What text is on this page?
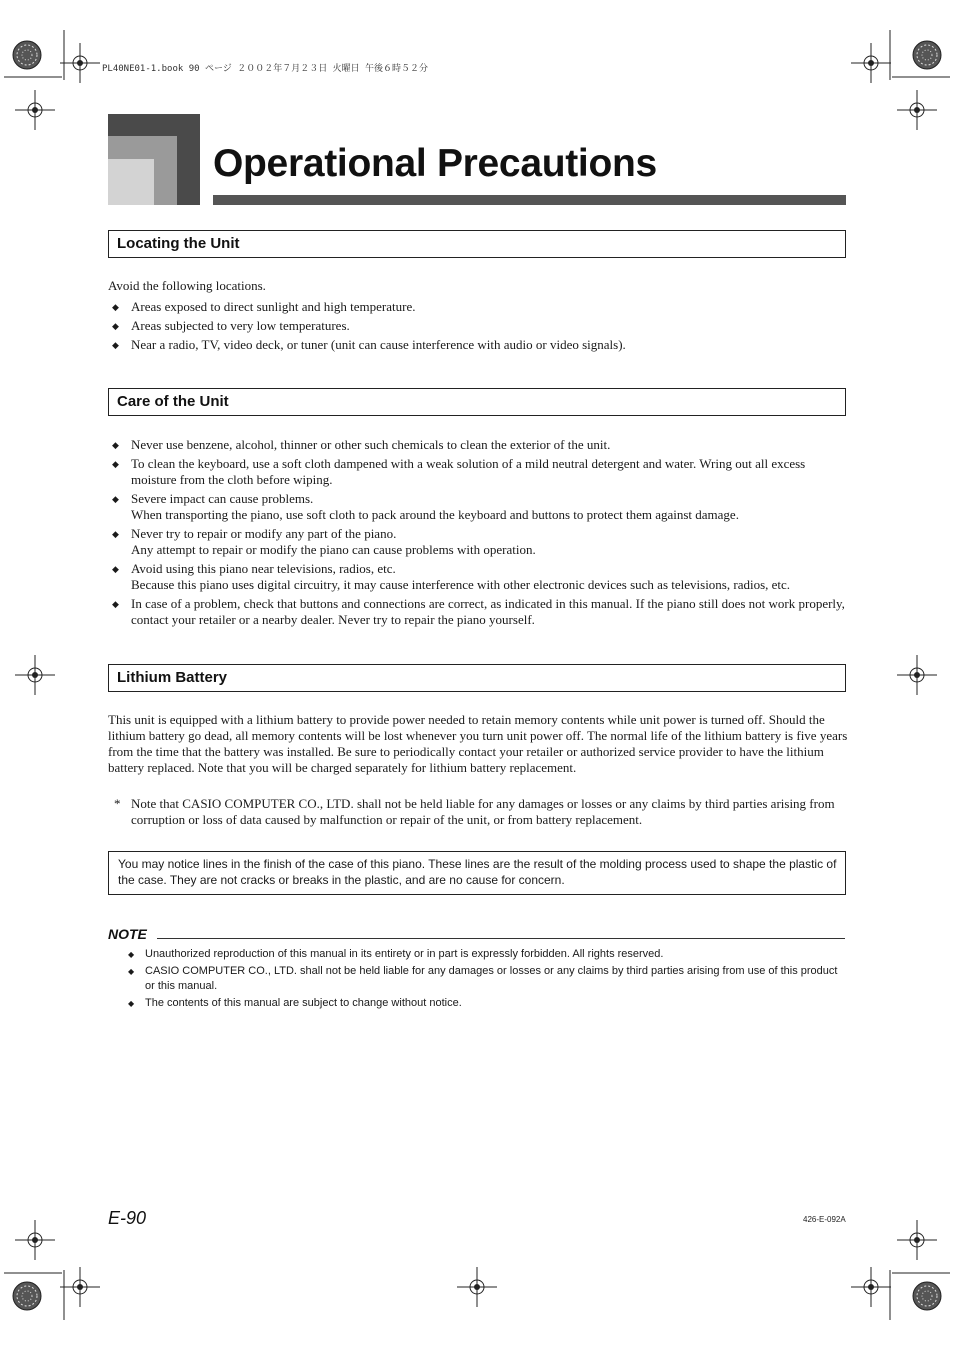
PL40NE01-1.book 90 ページ ２００２年７月２３日 火曜日 午後６時５２分
Operational Precautions
Locating the Unit
Avoid the following locations.
◆ Areas exposed to direct sunlight and high temperature.
◆ Areas subjected to very low temperatures.
◆ Near a radio, TV, video deck, or tuner (unit can cause interference with audio or video signals).
Care of the Unit
◆ Never use benzene, alcohol, thinner or other such chemicals to clean the exterior of the unit.
◆ To clean the keyboard, use a soft cloth dampened with a weak solution of a mild neutral detergent and water. Wring out all excess moisture from the cloth before wiping.
◆ Severe impact can cause problems.
When transporting the piano, use soft cloth to pack around the keyboard and buttons to protect them against damage.
◆ Never try to repair or modify any part of the piano.
Any attempt to repair or modify the piano can cause problems with operation.
◆ Avoid using this piano near televisions, radios, etc.
Because this piano uses digital circuitry, it may cause interference with other electronic devices such as televisions, radios, etc.
◆ In case of a problem, check that buttons and connections are correct, as indicated in this manual. If the piano still does not work properly, contact your retailer or a nearby dealer. Never try to repair the piano yourself.
Lithium Battery
This unit is equipped with a lithium battery to provide power needed to retain memory contents while unit power is turned off. Should the lithium battery go dead, all memory contents will be lost whenever you turn unit power off. The normal life of the lithium battery is five years from the time that the battery was installed. Be sure to periodically contact your retailer or authorized service provider to have the lithium battery replaced. Note that you will be charged separately for lithium battery replacement.
* Note that CASIO COMPUTER CO., LTD. shall not be held liable for any damages or losses or any claims by third parties arising from corruption or loss of data caused by malfunction or repair of the unit, or from battery replacement.
You may notice lines in the finish of the case of this piano. These lines are the result of the molding process used to shape the plastic of the case. They are not cracks or breaks in the plastic, and are no cause for concern.
NOTE
◆ Unauthorized reproduction of this manual in its entirety or in part is expressly forbidden. All rights reserved.
◆ CASIO COMPUTER CO., LTD. shall not be held liable for any damages or losses or any claims by third parties arising from use of this product or this manual.
◆ The contents of this manual are subject to change without notice.
E-90	426-E-092A
